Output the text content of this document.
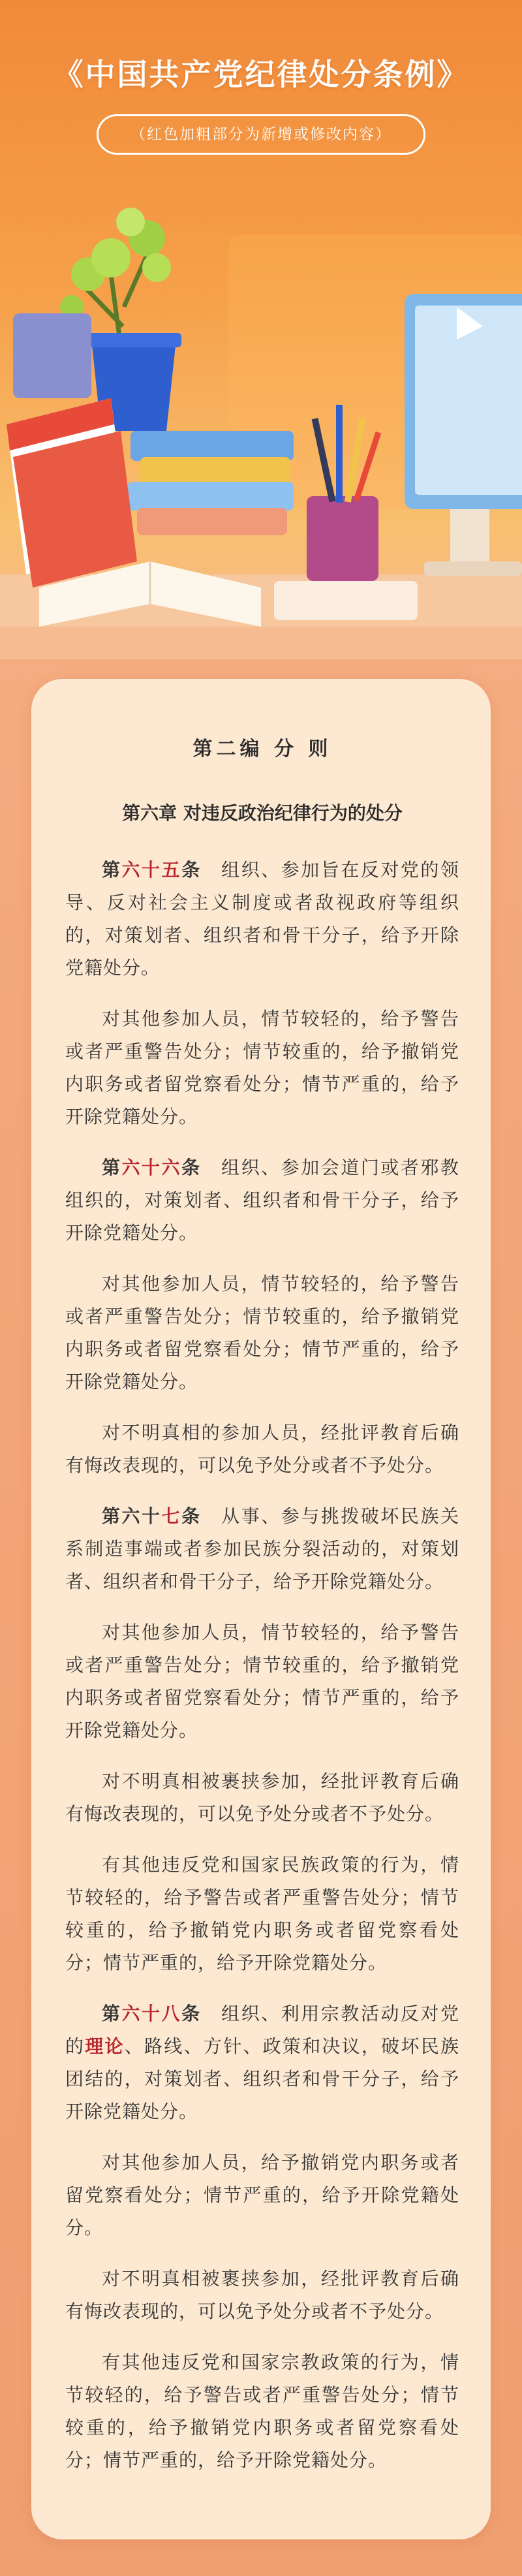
《中国共产党纪律处分条例》
（红色加粗部分为新增或修改内容）
第二编 分 则
第六章 对违反政治纪律行为的处分

第六十五条　组织、参加旨在反对党的领导、反对社会主义制度或者敌视政府等组织的，对策划者、组织者和骨干分子，给予开除党籍处分。

对其他参加人员，情节较轻的，给予警告或者严重警告处分；情节较重的，给予撤销党内职务或者留党察看处分；情节严重的，给予开除党籍处分。

第六十六条　组织、参加会道门或者邪教组织的，对策划者、组织者和骨干分子，给予开除党籍处分。

对其他参加人员，情节较轻的，给予警告或者严重警告处分；情节较重的，给予撤销党内职务或者留党察看处分；情节严重的，给予开除党籍处分。

对不明真相的参加人员，经批评教育后确有悔改表现的，可以免予处分或者不予处分。

第六十七条　从事、参与挑拨破坏民族关系制造事端或者参加民族分裂活动的，对策划者、组织者和骨干分子，给予开除党籍处分。

对其他参加人员，情节较轻的，给予警告或者严重警告处分；情节较重的，给予撤销党内职务或者留党察看处分；情节严重的，给予开除党籍处分。

对不明真相被裹挟参加，经批评教育后确有悔改表现的，可以免予处分或者不予处分。

有其他违反党和国家民族政策的行为，情节较轻的，给予警告或者严重警告处分；情节较重的，给予撤销党内职务或者留党察看处分；情节严重的，给予开除党籍处分。

第六十八条　组织、利用宗教活动反对党的理论、路线、方针、政策和决议，破坏民族团结的，对策划者、组织者和骨干分子，给予开除党籍处分。

对其他参加人员，给予撤销党内职务或者留党察看处分；情节严重的，给予开除党籍处分。

对不明真相被裹挟参加，经批评教育后确有悔改表现的，可以免予处分或者不予处分。

有其他违反党和国家宗教政策的行为，情节较轻的，给予警告或者严重警告处分；情节较重的，给予撤销党内职务或者留党察看处分；情节严重的，给予开除党籍处分。
